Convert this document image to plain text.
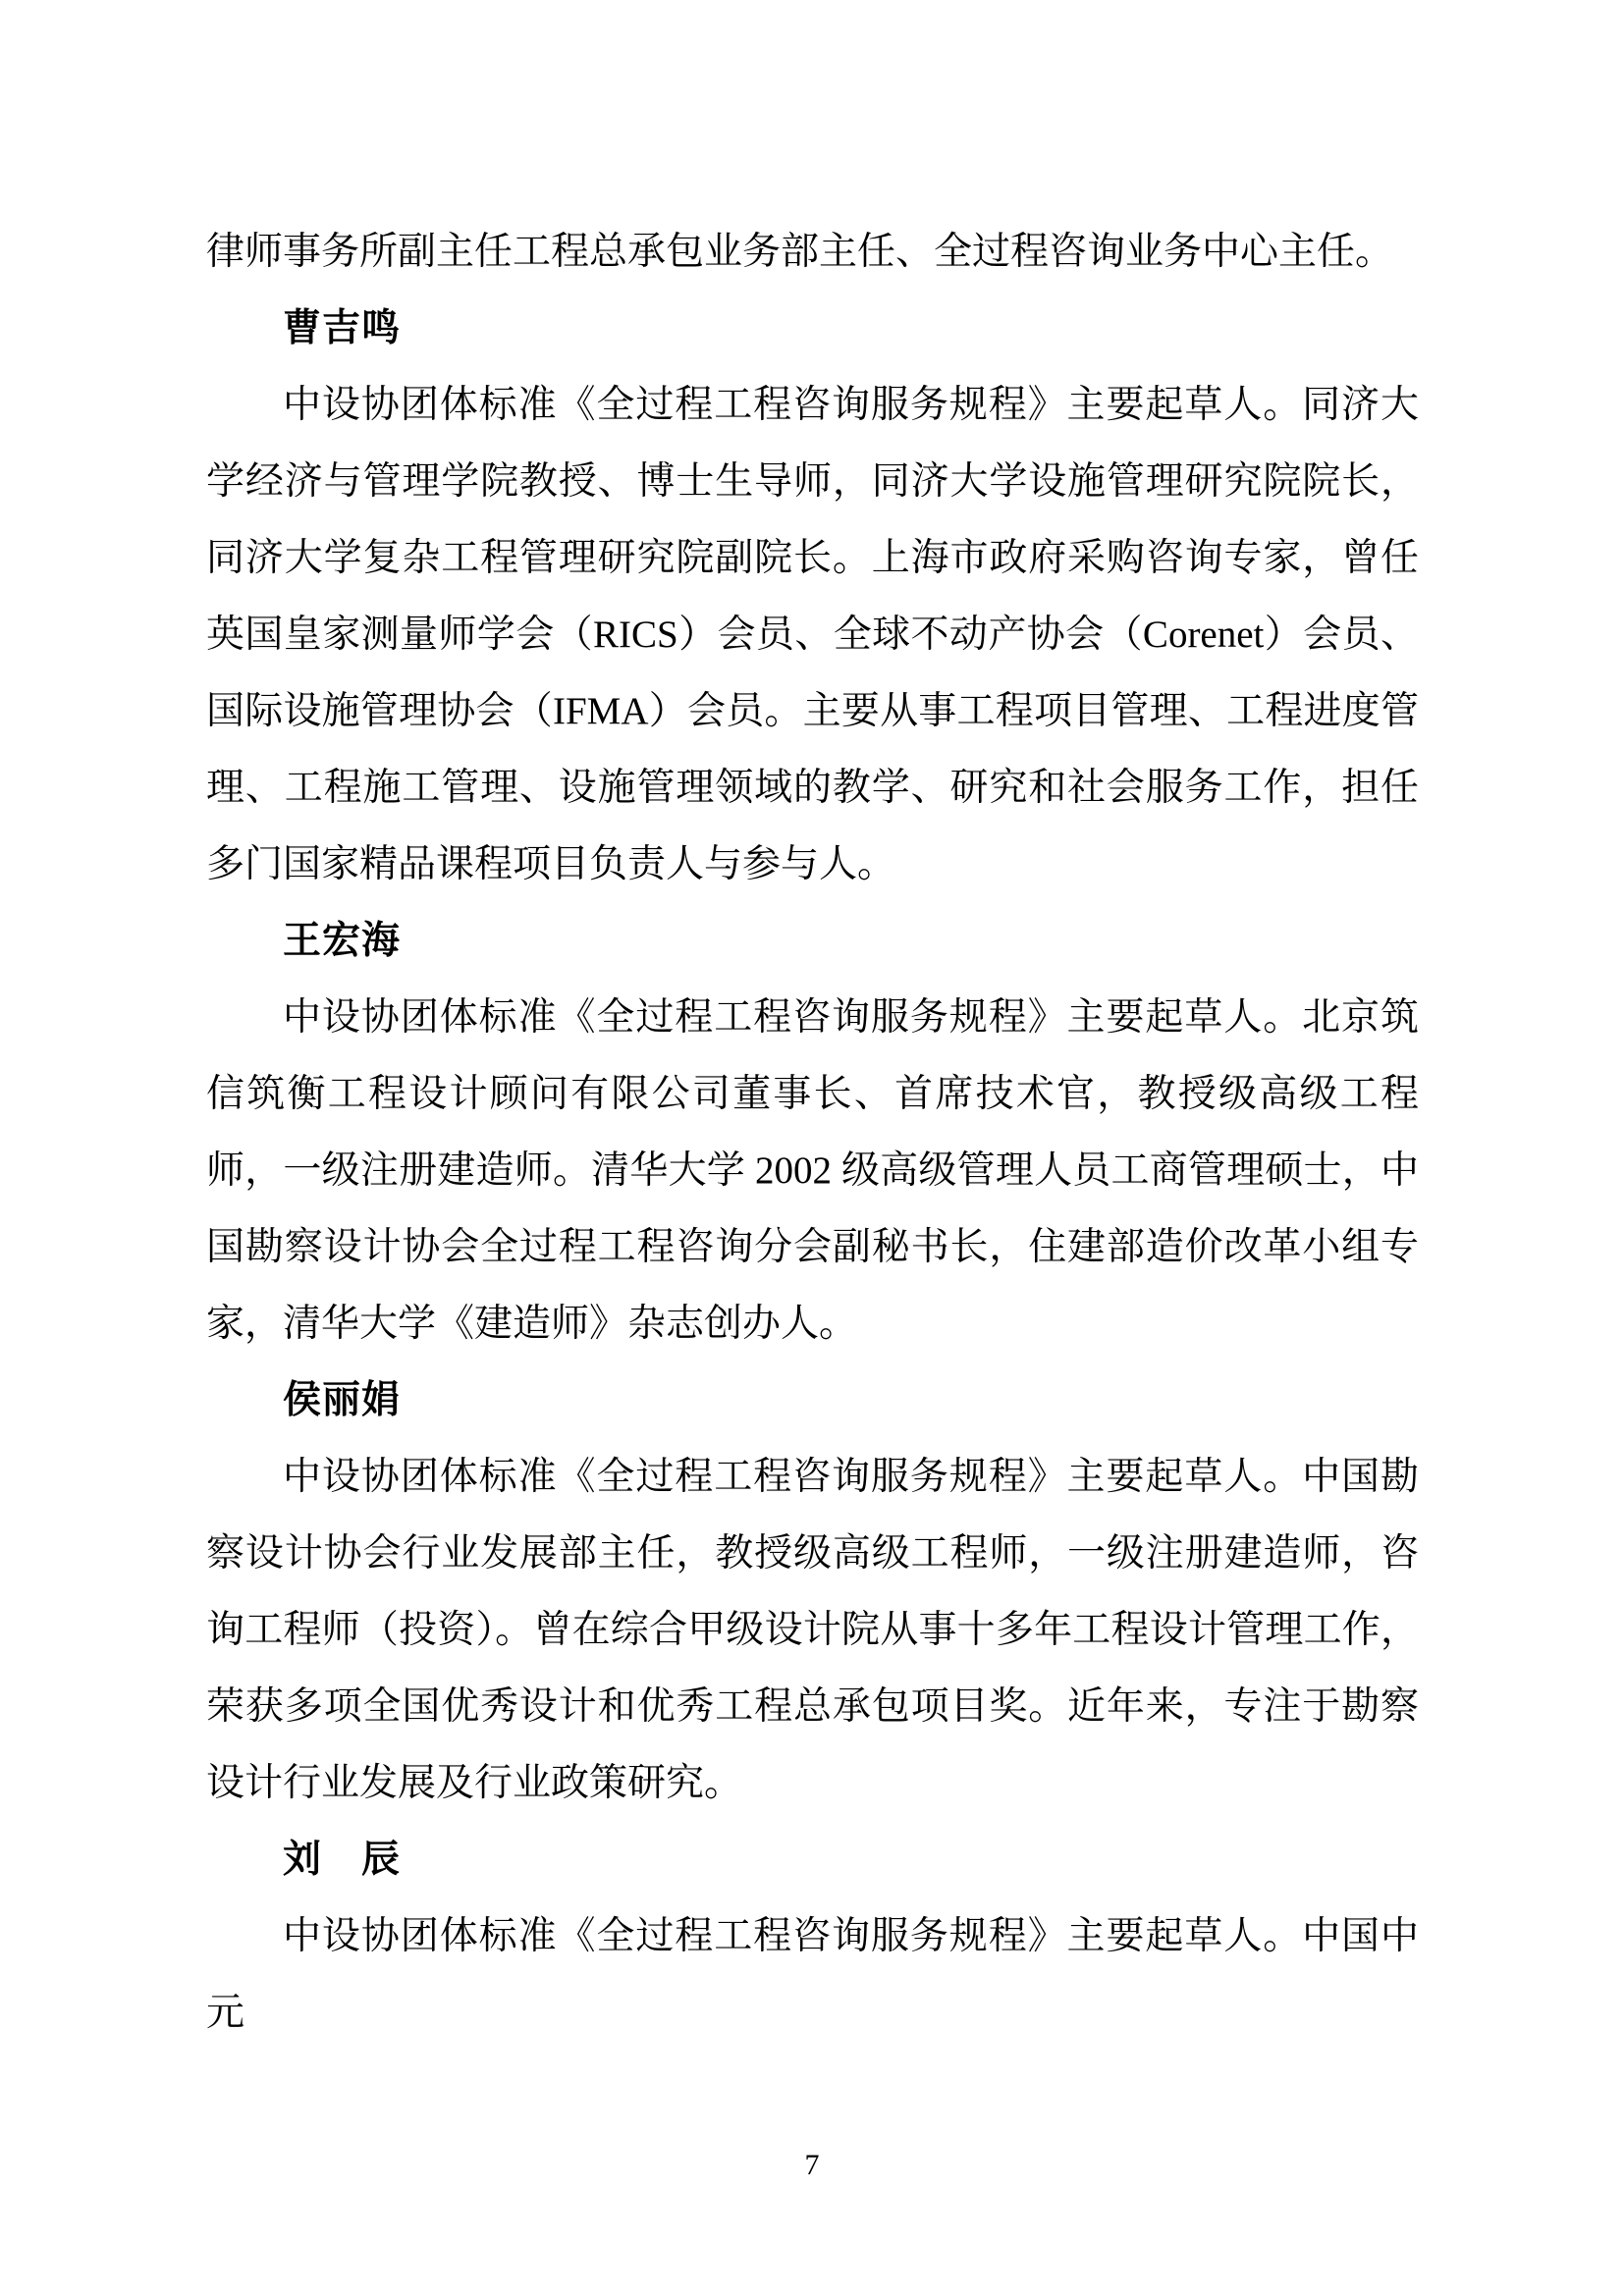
律师事务所副主任工程总承包业务部主任、全过程咨询业务中心主任。

曹吉鸣

中设协团体标准《全过程工程咨询服务规程》主要起草人。同济大学经济与管理学院教授、博士生导师，同济大学设施管理研究院院长，同济大学复杂工程管理研究院副院长。上海市政府采购咨询专家，曾任英国皇家测量师学会（RICS）会员、全球不动产协会（Corenet）会员、国际设施管理协会（IFMA）会员。主要从事工程项目管理、工程进度管理、工程施工管理、设施管理领域的教学、研究和社会服务工作，担任多门国家精品课程项目负责人与参与人。

王宏海

中设协团体标准《全过程工程咨询服务规程》主要起草人。北京筑信筑衡工程设计顾问有限公司董事长、首席技术官，教授级高级工程师，一级注册建造师。清华大学 2002 级高级管理人员工商管理硕士，中国勘察设计协会全过程工程咨询分会副秘书长，住建部造价改革小组专家，清华大学《建造师》杂志创办人。

侯丽娟

中设协团体标准《全过程工程咨询服务规程》主要起草人。中国勘察设计协会行业发展部主任，教授级高级工程师，一级注册建造师，咨询工程师（投资）。曾在综合甲级设计院从事十多年工程设计管理工作，荣获多项全国优秀设计和优秀工程总承包项目奖。近年来，专注于勘察设计行业发展及行业政策研究。

刘　辰

中设协团体标准《全过程工程咨询服务规程》主要起草人。中国中元

7
